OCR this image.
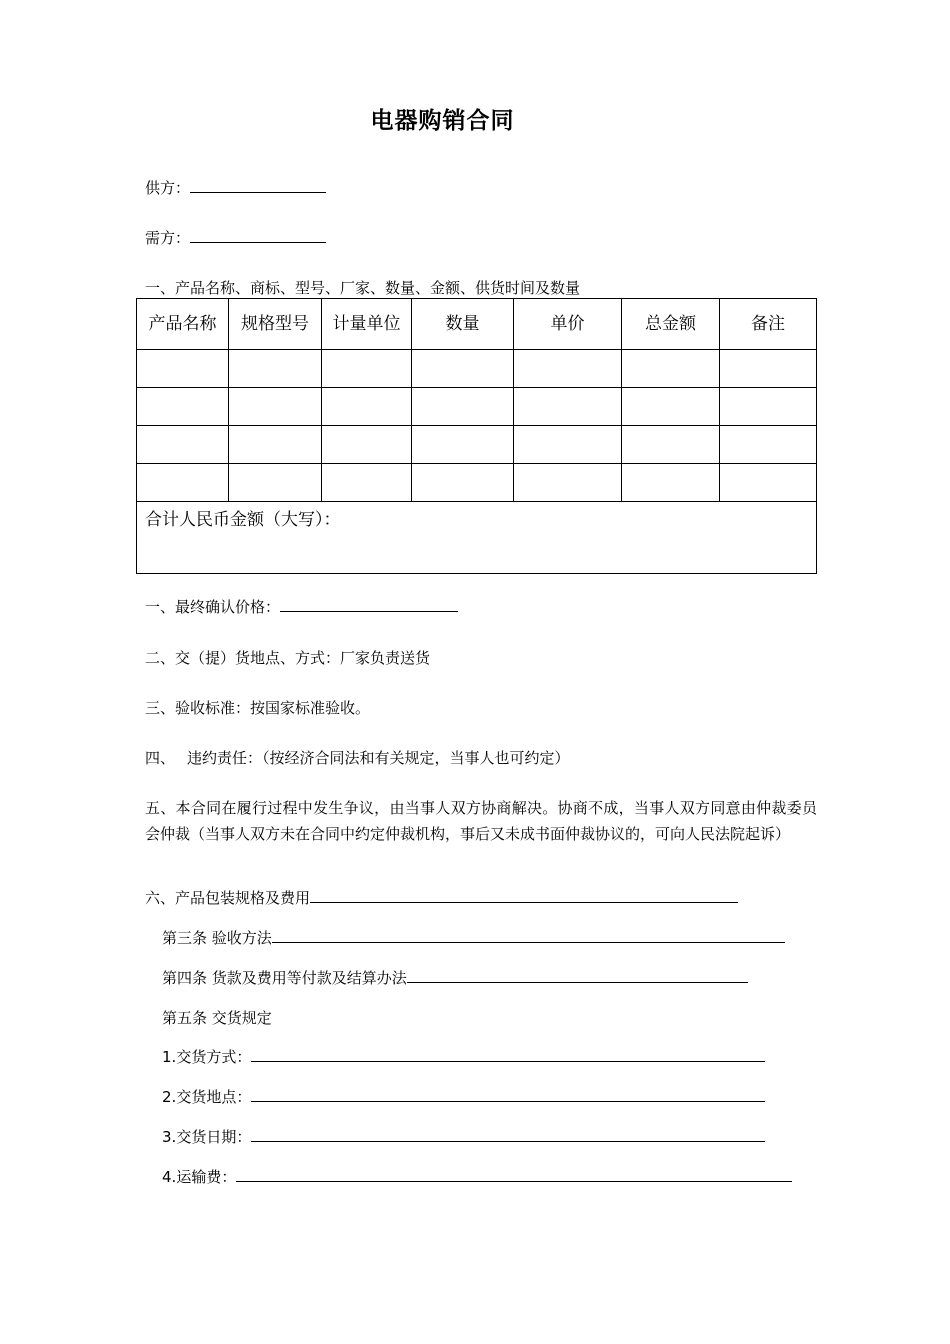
电器购销合同
供方：
需方：
一、产品名称、商标、型号、厂家、数量、金额、供货时间及数量
产品名称	规格型号	计量单位	数量	单价	总金额	备注

合计人民币金额（大写）：						
一、最终确认价格：
二、交（提）货地点、方式：厂家负责送货
三、验收标准：按国家标准验收。
四、 违约责任：（按经济合同法和有关规定，当事人也可约定）
五、本合同在履行过程中发生争议，由当事人双方协商解决。协商不成，当事人双方同意由仲裁委员会仲裁（当事人双方未在合同中约定仲裁机构，事后又未成书面仲裁协议的，可向人民法院起诉）
六、产品包装规格及费用
第三条 验收方法
第四条 货款及费用等付款及结算办法
第五条 交货规定
1.交货方式：
2.交货地点：
3.交货日期：
4.运输费：
